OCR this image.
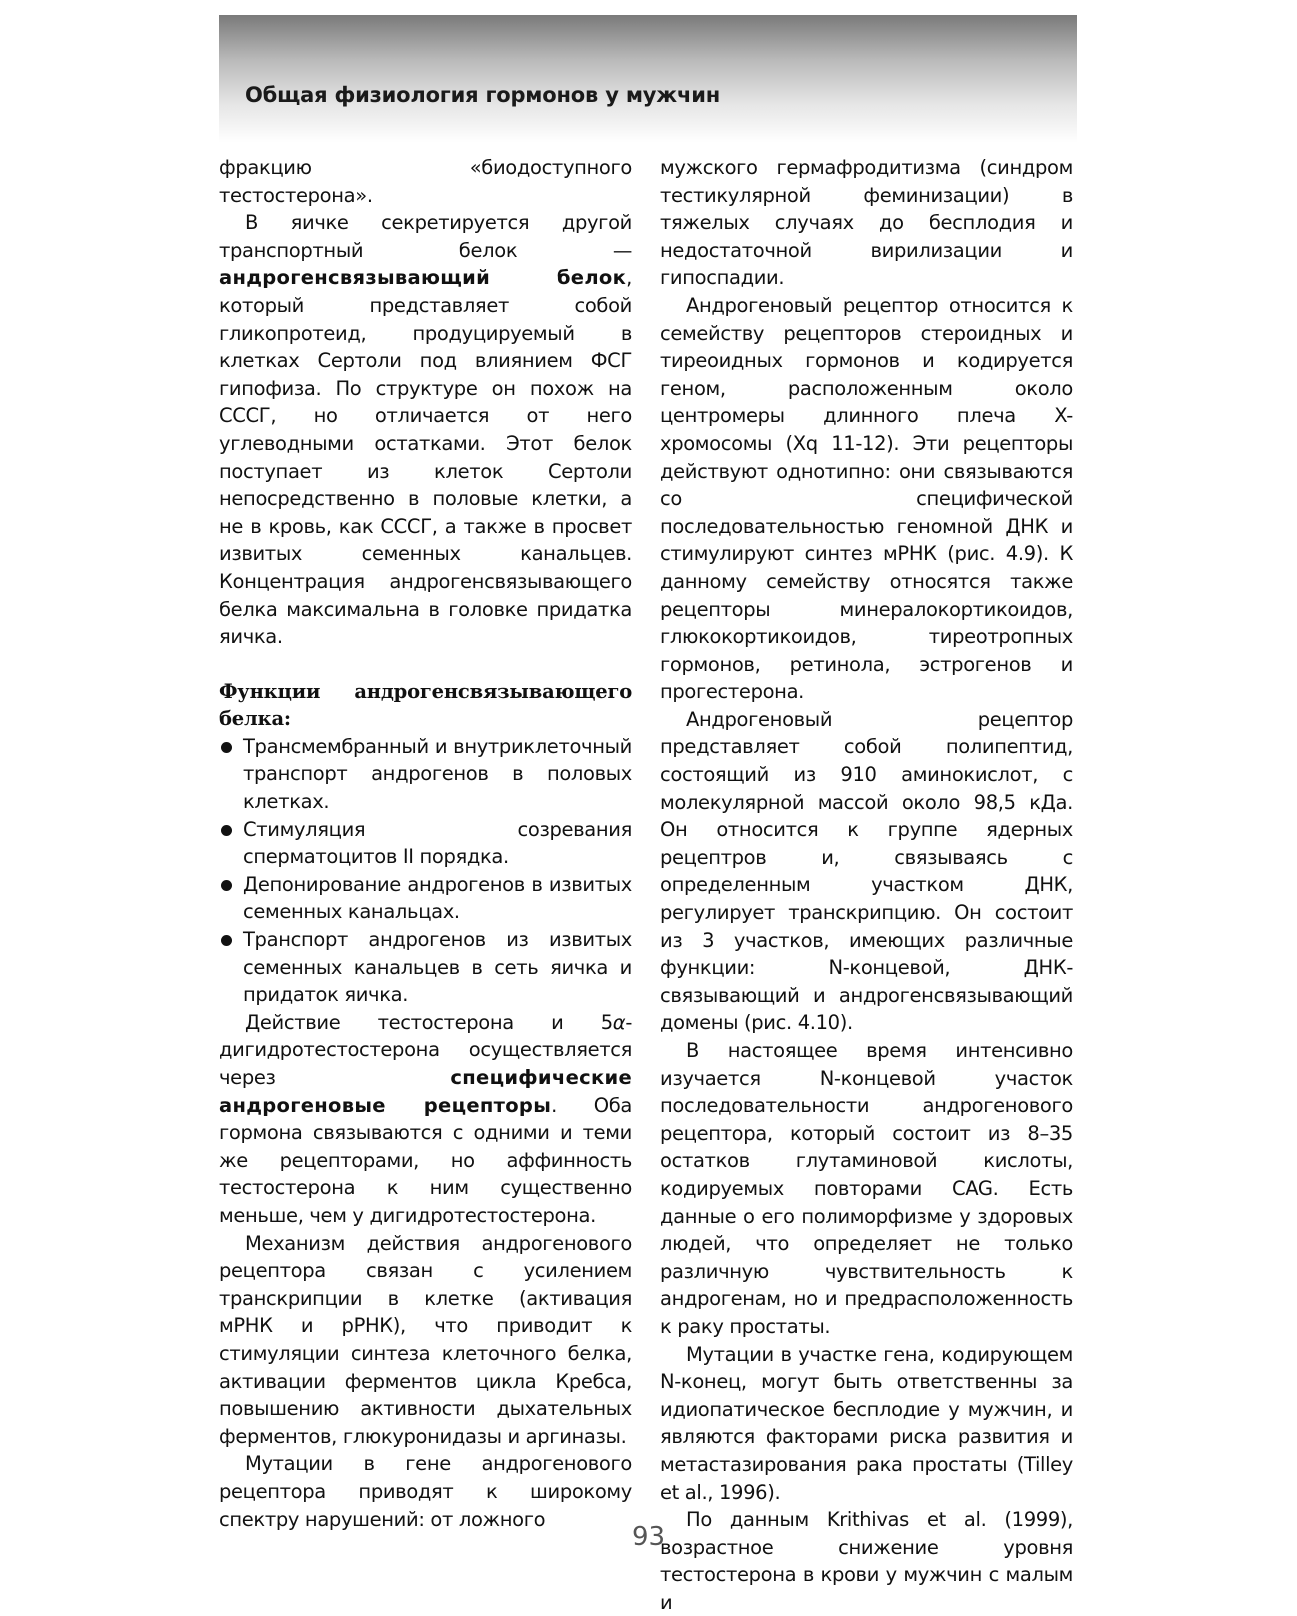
Общая физиология гормонов у мужчин

фракцию «биодоступного тестостерона».

В яичке секретируется другой транспортный белок — андрогенсвязывающий белок, который представляет собой гликопротеид, продуцируемый в клетках Сертоли под влиянием ФСГ гипофиза. По структуре он похож на СССГ, но отличается от него углеводными остатками. Этот белок поступает из клеток Сертоли непосредственно в половые клетки, а не в кровь, как СССГ, а также в просвет извитых семенных канальцев. Концентрация андрогенсвязывающего белка максимальна в головке придатка яичка.

Функции андрогенсвязывающего белка:

Трансмембранный и внутриклеточный транспорт андрогенов в половых клетках.
Стимуляция созревания сперматоцитов II порядка.
Депонирование андрогенов в извитых семенных канальцах.
Транспорт андрогенов из извитых семенных канальцев в сеть яичка и придаток яичка.

Действие тестостерона и 5α-дигидротестостерона осуществляется через специфические андрогеновые рецепторы. Оба гормона связываются с одними и теми же рецепторами, но аффинность тестостерона к ним существенно меньше, чем у дигидротестостерона.

Механизм действия андрогенового рецептора связан с усилением транскрипции в клетке (активация мРНК и рРНК), что приводит к стимуляции синтеза клеточного белка, активации ферментов цикла Кребса, повышению активности дыхательных ферментов, глюкуронидазы и аргиназы.

Мутации в гене андрогенового рецептора приводят к широкому спектру нарушений: от ложного

мужского гермафродитизма (синдром тестикулярной феминизации) в тяжелых случаях до бесплодия и недостаточной вирилизации и гипоспадии.

Андрогеновый рецептор относится к семейству рецепторов стероидных и тиреоидных гормонов и кодируется геном, расположенным около центромеры длинного плеча X-хромосомы (Xq 11-12). Эти рецепторы действуют однотипно: они связываются со специфической последовательностью геномной ДНК и стимулируют синтез мРНК (рис. 4.9). К данному семейству относятся также рецепторы минералокортикоидов, глюкокортикоидов, тиреотропных гормонов, ретинола, эстрогенов и прогестерона.

Андрогеновый рецептор представляет собой полипептид, состоящий из 910 аминокислот, с молекулярной массой около 98,5 кДа. Он относится к группе ядерных рецептров и, связываясь с определенным участком ДНК, регулирует транскрипцию. Он состоит из 3 участков, имеющих различные функции: N-концевой, ДНК-связывающий и андрогенсвязывающий домены (рис. 4.10).

В настоящее время интенсивно изучается N-концевой участок последовательности андрогенового рецептора, который состоит из 8–35 остатков глутаминовой кислоты, кодируемых повторами CAG. Есть данные о его полиморфизме у здоровых людей, что определяет не только различную чувствительность к андрогенам, но и предрасположенность к раку простаты.

Мутации в участке гена, кодирующем N-конец, могут быть ответственны за идиопатическое бесплодие у мужчин, и являются факторами риска развития и метастазирования рака простаты (Tilley et al., 1996).

По данным Krithivas et al. (1999), возрастное снижение уровня тестостерона в крови у мужчин с малым и

93
